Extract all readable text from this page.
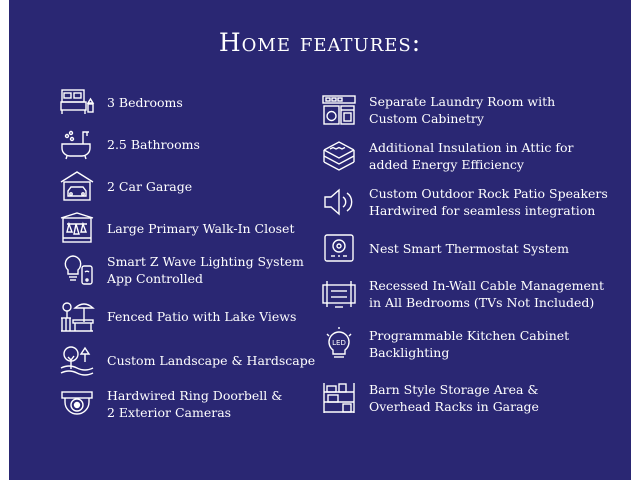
Home features:
3 Bedrooms
2.5 Bathrooms
2 Car Garage
Large Primary Walk-In Closet
Smart Z Wave Lighting System
App Controlled
Fenced Patio with Lake Views
Custom Landscape & Hardscape
Hardwired Ring Doorbell &
2 Exterior Cameras
Separate Laundry Room with
Custom Cabinetry
Additional Insulation in Attic for
added Energy Efficiency
Custom Outdoor Rock Patio Speakers
Hardwired for seamless integration
Nest Smart Thermostat System
Recessed In-Wall Cable Management
in All Bedrooms (TVs Not Included)
LED Programmable Kitchen Cabinet
Backlighting
Barn Style Storage Area &
Overhead Racks in Garage
